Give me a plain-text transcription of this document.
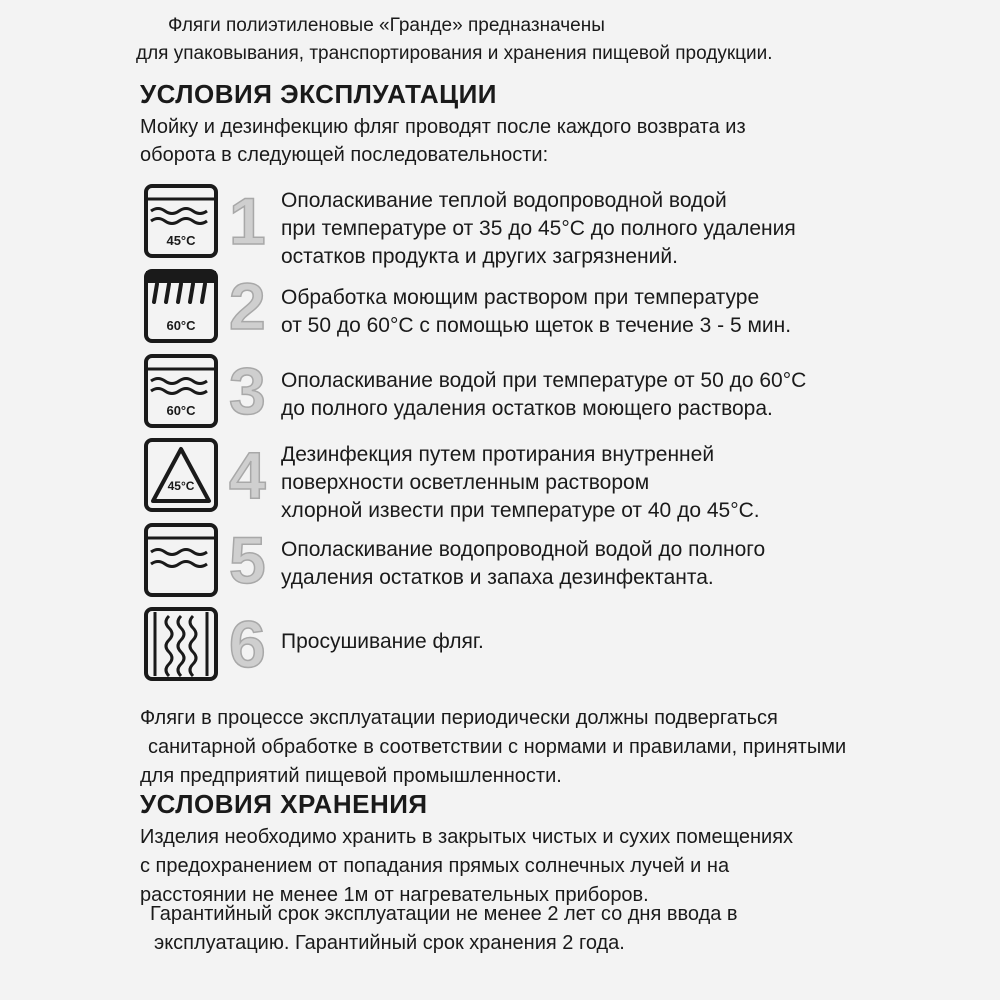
Фляги полиэтиленовые «Гранде» предназначены
для упаковывания, транспортирования и хранения пищевой продукции.
УСЛОВИЯ ЭКСПЛУАТАЦИИ
Мойку и дезинфекцию фляг проводят после каждого возврата из
оборота в следующей последовательности:
45°C 1 Ополаскивание теплой водопроводной водой
при температуре от 35 до 45°С до полного удаления
остатков продукта и других загрязнений.
60°C 2 Обработка моющим раствором при температуре
от 50 до 60°С с помощью щеток в течение 3 - 5 мин.
60°C 3 Ополаскивание водой при температуре от 50 до 60°С
до полного удаления остатков моющего раствора.
45°C 4 Дезинфекция путем протирания внутренней
поверхности осветленным раствором
хлорной извести при температуре от 40 до 45°С.
5 Ополаскивание водопроводной водой до полного
удаления остатков и запаха дезинфектанта.
6 Просушивание фляг.
Фляги в процессе эксплуатации периодически должны подвергаться
санитарной обработке в соответствии с нормами и правилами, принятыми
для предприятий пищевой промышленности.
УСЛОВИЯ ХРАНЕНИЯ
Изделия необходимо хранить в закрытых чистых и сухих помещениях
с предохранением от попадания прямых солнечных лучей и на
расстоянии не менее 1м от нагревательных приборов.
Гарантийный срок эксплуатации не менее 2 лет со дня ввода в
эксплуатацию. Гарантийный срок хранения 2 года.
